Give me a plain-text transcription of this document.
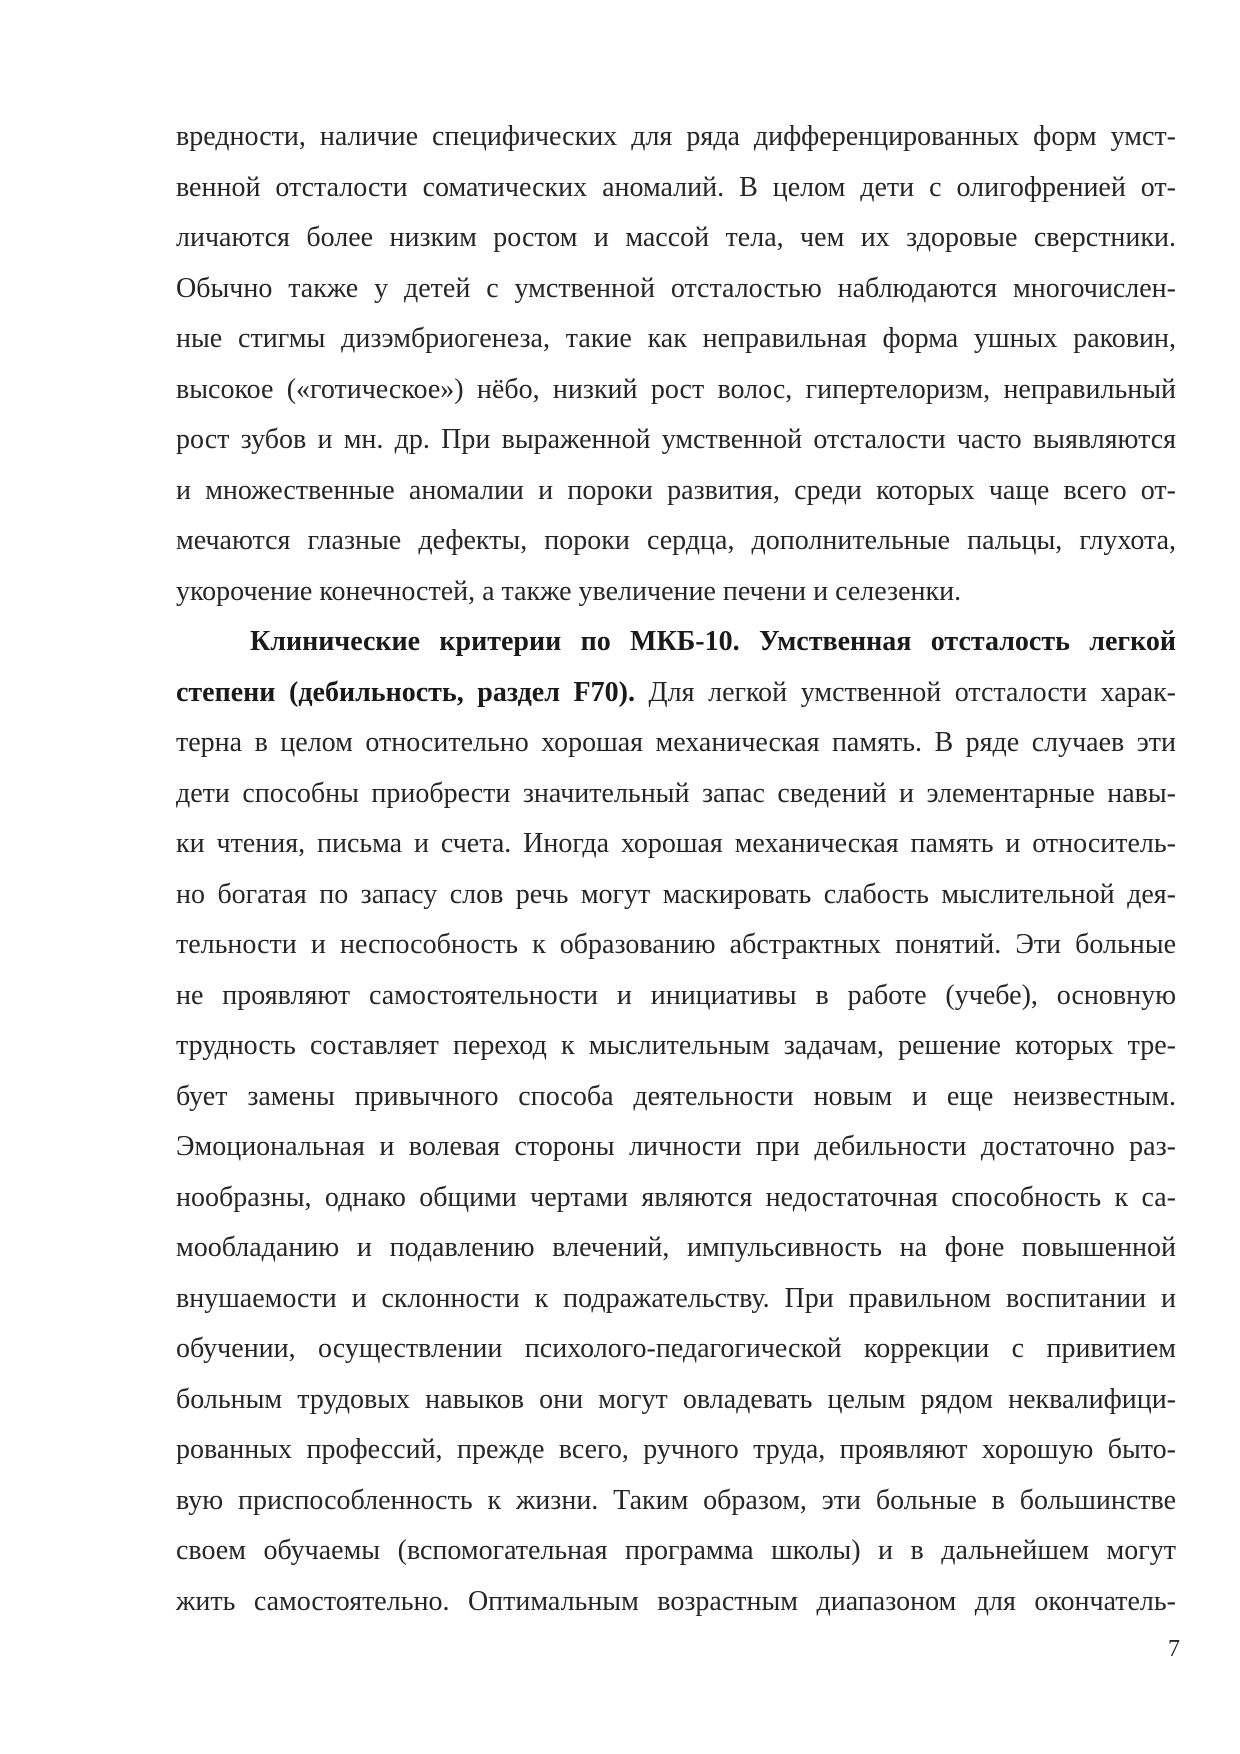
вредности, наличие специфических для ряда дифференцированных форм умст-
венной отсталости соматических аномалий. В целом дети с олигофренией от-
личаются более низким ростом и массой тела, чем их здоровые сверстники.
Обычно также у детей с умственной отсталостью наблюдаются многочислен-
ные стигмы дизэмбриогенеза, такие как неправильная форма ушных раковин,
высокое («готическое») нёбо, низкий рост волос, гипертелоризм, неправильный
рост зубов и мн. др. При выраженной умственной отсталости часто выявляются
и множественные аномалии и пороки развития, среди которых чаще всего от-
мечаются глазные дефекты, пороки сердца, дополнительные пальцы, глухота,
укорочение конечностей, а также увеличение печени и селезенки.
Клинические критерии по МКБ-10. Умственная отсталость легкой
степени (дебильность, раздел F70). Для легкой умственной отсталости харак-
терна в целом относительно хорошая механическая память. В ряде случаев эти
дети способны приобрести значительный запас сведений и элементарные навы-
ки чтения, письма и счета. Иногда хорошая механическая память и относитель-
но богатая по запасу слов речь могут маскировать слабость мыслительной дея-
тельности и неспособность к образованию абстрактных понятий. Эти больные
не проявляют самостоятельности и инициативы в работе (учебе), основную
трудность составляет переход к мыслительным задачам, решение которых тре-
бует замены привычного способа деятельности новым и еще неизвестным.
Эмоциональная и волевая стороны личности при дебильности достаточно раз-
нообразны, однако общими чертами являются недостаточная способность к са-
мообладанию и подавлению влечений, импульсивность на фоне повышенной
внушаемости и склонности к подражательству. При правильном воспитании и
обучении, осуществлении психолого-педагогической коррекции с привитием
больным трудовых навыков они могут овладевать целым рядом неквалифици-
рованных профессий, прежде всего, ручного труда, проявляют хорошую быто-
вую приспособленность к жизни. Таким образом, эти больные в большинстве
своем обучаемы (вспомогательная программа школы) и в дальнейшем могут
жить самостоятельно. Оптимальным возрастным диапазоном для окончатель-
7
